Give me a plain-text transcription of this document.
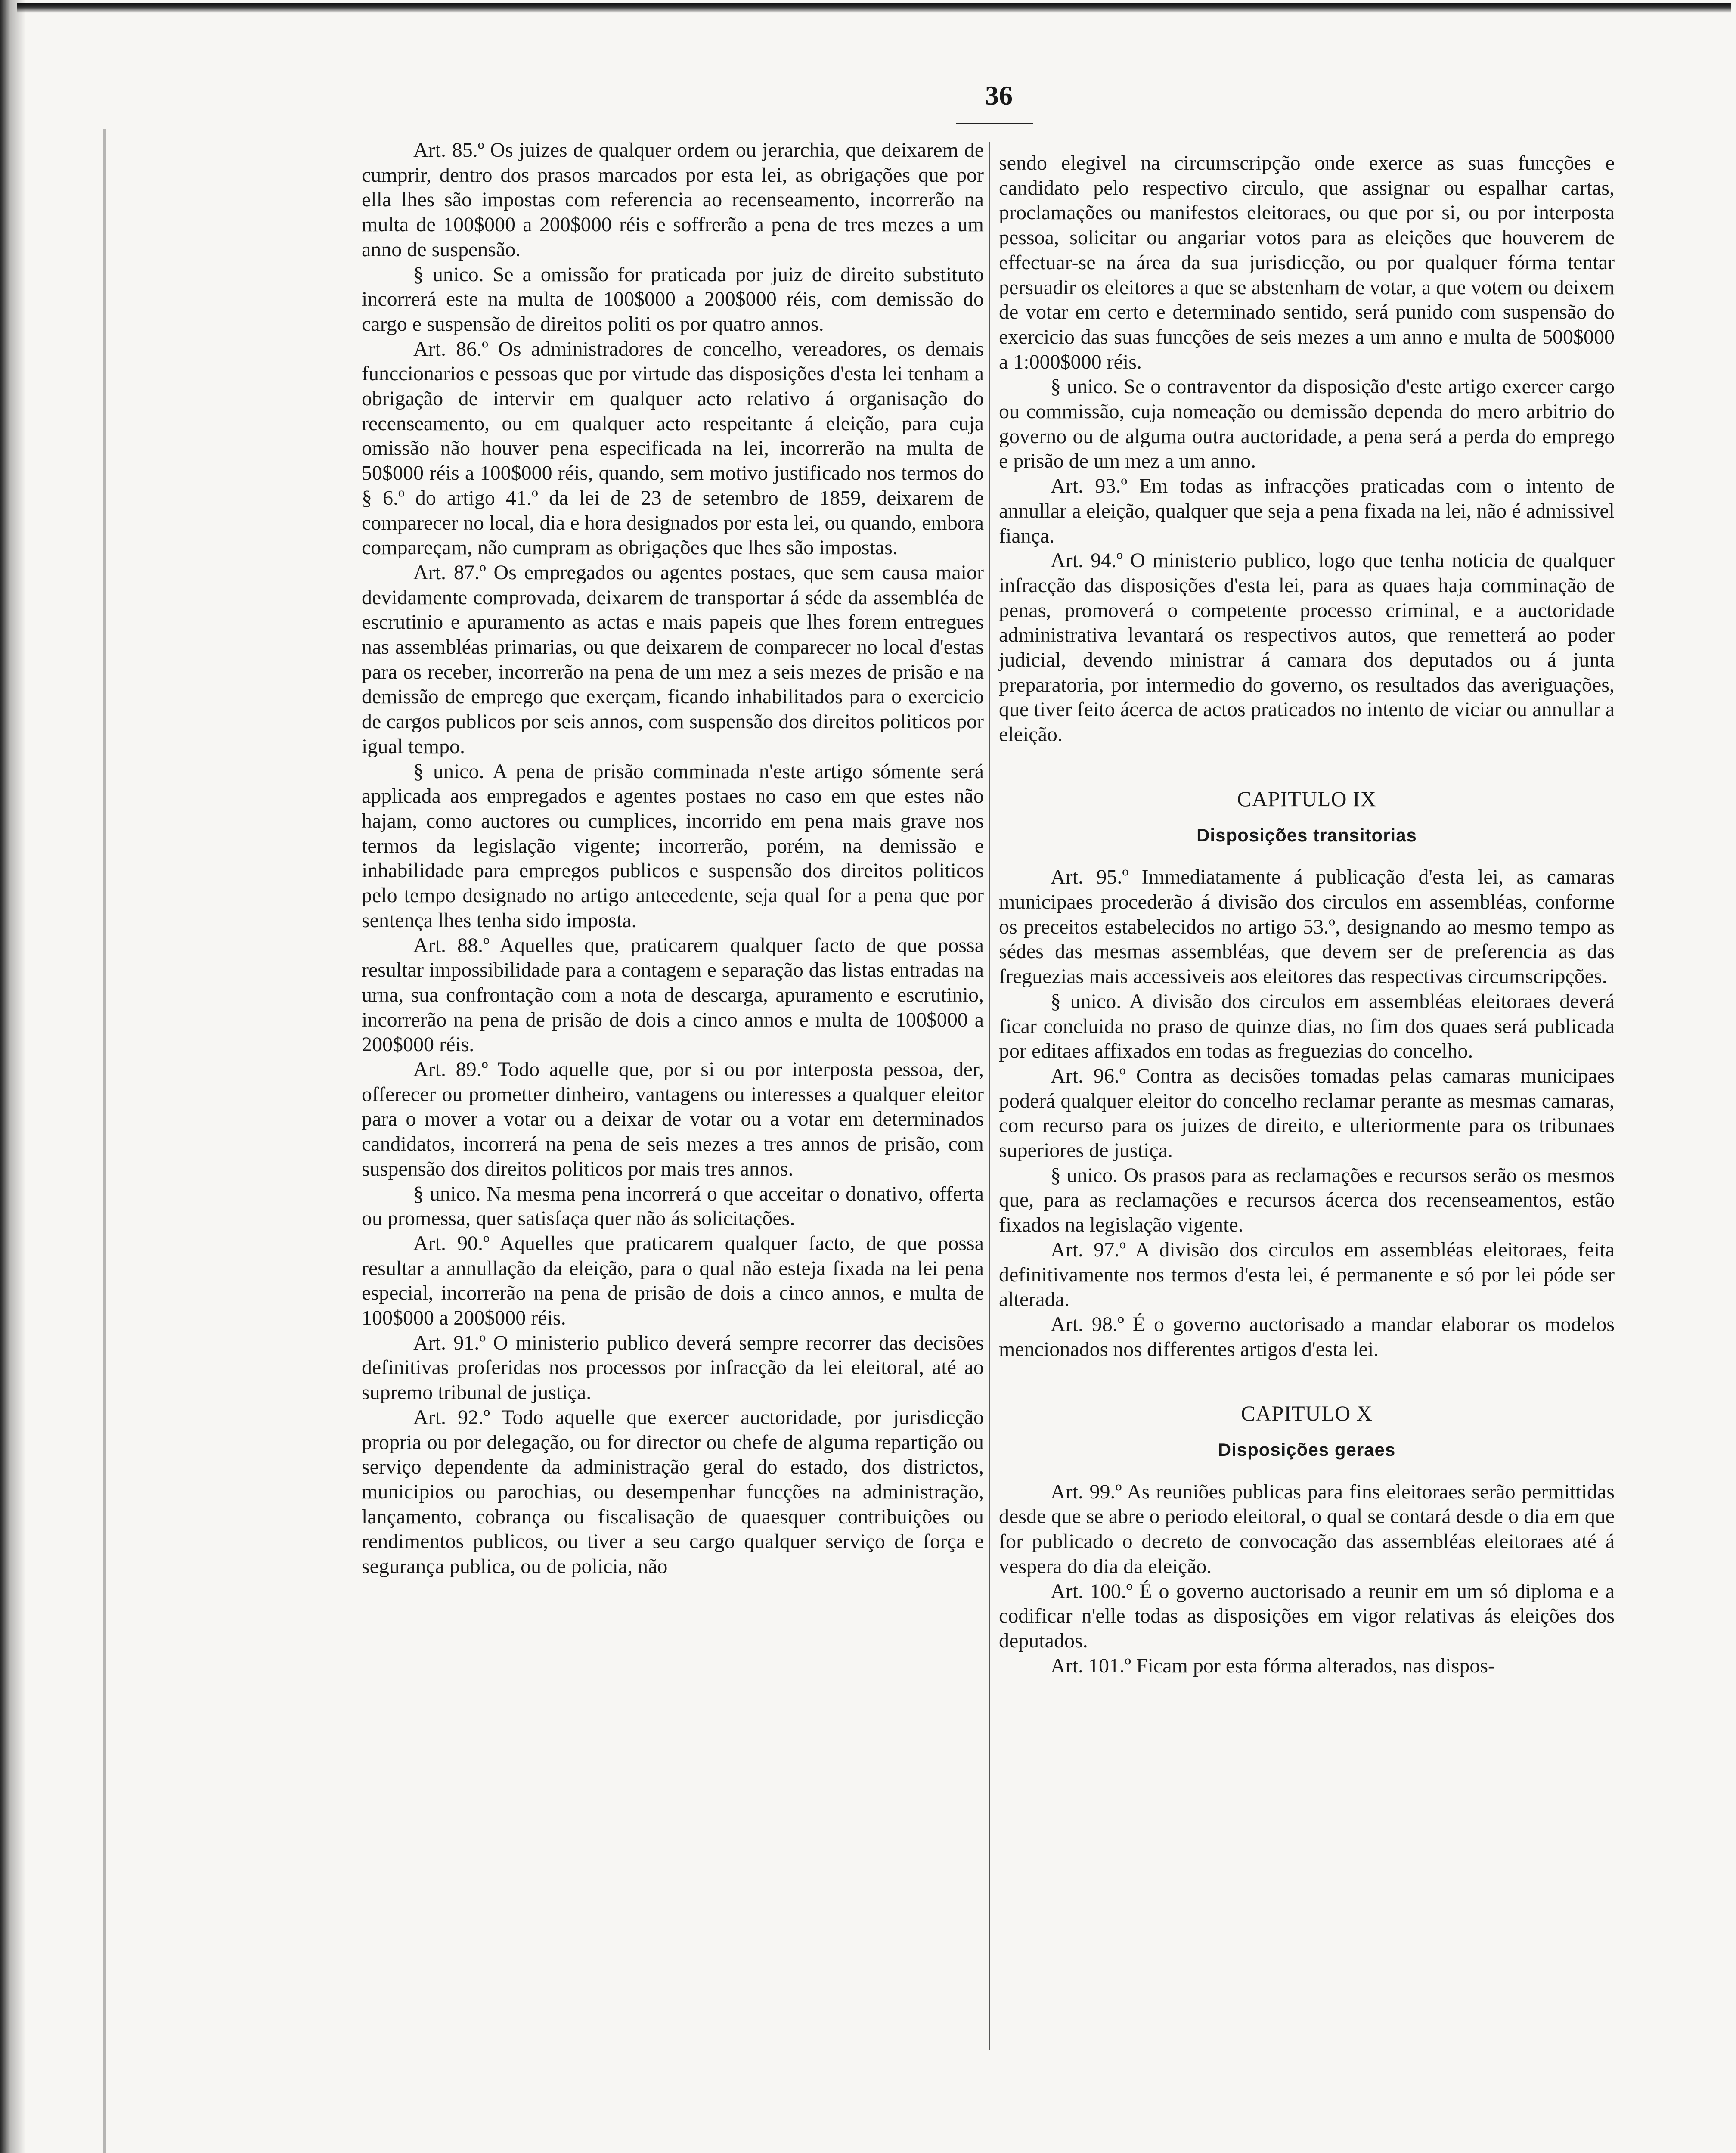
36

Art. 85.º Os juizes de qualquer ordem ou jerarchia, que deixarem de cumprir, dentro dos prasos marcados por esta lei, as obrigações que por ella lhes são impostas com referencia ao recenseamento, incorrerão na multa de 100$000 a 200$000 réis e soffrerão a pena de tres mezes a um anno de suspensão.

§ unico. Se a omissão for praticada por juiz de direito substituto incorrerá este na multa de 100$000 a 200$000 réis, com demissão do cargo e suspensão de direitos politi os por quatro annos.

Art. 86.º Os administradores de concelho, vereadores, os demais funccionarios e pessoas que por virtude das disposições d'esta lei tenham a obrigação de intervir em qualquer acto relativo á organisação do recenseamento, ou em qualquer acto respeitante á eleição, para cuja omissão não houver pena especificada na lei, incorrerão na multa de 50$000 réis a 100$000 réis, quando, sem motivo justificado nos termos do § 6.º do artigo 41.º da lei de 23 de setembro de 1859, deixarem de comparecer no local, dia e hora designados por esta lei, ou quando, embora compareçam, não cumpram as obrigações que lhes são impostas.

Art. 87.º Os empregados ou agentes postaes, que sem causa maior devidamente comprovada, deixarem de transportar á séde da assembléa de escrutinio e apuramento as actas e mais papeis que lhes forem entregues nas assembléas primarias, ou que deixarem de comparecer no local d'estas para os receber, incorrerão na pena de um mez a seis mezes de prisão e na demissão de emprego que exerçam, ficando inhabilitados para o exercicio de cargos publicos por seis annos, com suspensão dos direitos politicos por igual tempo.

§ unico. A pena de prisão comminada n'este artigo sómente será applicada aos empregados e agentes postaes no caso em que estes não hajam, como auctores ou cumplices, incorrido em pena mais grave nos termos da legislação vigente; incorrerão, porém, na demissão e inhabilidade para empregos publicos e suspensão dos direitos politicos pelo tempo designado no artigo antecedente, seja qual for a pena que por sentença lhes tenha sido imposta.

Art. 88.º Aquelles que, praticarem qualquer facto de que possa resultar impossibilidade para a contagem e separação das listas entradas na urna, sua confrontação com a nota de descarga, apuramento e escrutinio, incorrerão na pena de prisão de dois a cinco annos e multa de 100$000 a 200$000 réis.

Art. 89.º Todo aquelle que, por si ou por interposta pessoa, der, offerecer ou prometter dinheiro, vantagens ou interesses a qualquer eleitor para o mover a votar ou a deixar de votar ou a votar em determinados candidatos, incorrerá na pena de seis mezes a tres annos de prisão, com suspensão dos direitos politicos por mais tres annos.

§ unico. Na mesma pena incorrerá o que acceitar o donativo, offerta ou promessa, quer satisfaça quer não ás solicitações.

Art. 90.º Aquelles que praticarem qualquer facto, de que possa resultar a annullação da eleição, para o qual não esteja fixada na lei pena especial, incorrerão na pena de prisão de dois a cinco annos, e multa de 100$000 a 200$000 réis.

Art. 91.º O ministerio publico deverá sempre recorrer das decisões definitivas proferidas nos processos por infracção da lei eleitoral, até ao supremo tribunal de justiça.

Art. 92.º Todo aquelle que exercer auctoridade, por jurisdicção propria ou por delegação, ou for director ou chefe de alguma repartição ou serviço dependente da administração geral do estado, dos districtos, municipios ou parochias, ou desempenhar funcções na administração, lançamento, cobrança ou fiscalisação de quaesquer contribuições ou rendimentos publicos, ou tiver a seu cargo qualquer serviço de força e segurança publica, ou de policia, não

sendo elegivel na circumscripção onde exerce as suas funcções e candidato pelo respectivo circulo, que assignar ou espalhar cartas, proclamações ou manifestos eleitoraes, ou que por si, ou por interposta pessoa, solicitar ou angariar votos para as eleições que houverem de effectuar-se na área da sua jurisdicção, ou por qualquer fórma tentar persuadir os eleitores a que se abstenham de votar, a que votem ou deixem de votar em certo e determinado sentido, será punido com suspensão do exercicio das suas funcções de seis mezes a um anno e multa de 500$000 a 1:000$000 réis.

§ unico. Se o contraventor da disposição d'este artigo exercer cargo ou commissão, cuja nomeação ou demissão dependa do mero arbitrio do governo ou de alguma outra auctoridade, a pena será a perda do emprego e prisão de um mez a um anno.

Art. 93.º Em todas as infracções praticadas com o intento de annullar a eleição, qualquer que seja a pena fixada na lei, não é admissivel fiança.

Art. 94.º O ministerio publico, logo que tenha noticia de qualquer infracção das disposições d'esta lei, para as quaes haja comminação de penas, promoverá o competente processo criminal, e a auctoridade administrativa levantará os respectivos autos, que remetterá ao poder judicial, devendo ministrar á camara dos deputados ou á junta preparatoria, por intermedio do governo, os resultados das averiguações, que tiver feito ácerca de actos praticados no intento de viciar ou annullar a eleição.

CAPITULO IX

Disposições transitorias

Art. 95.º Immediatamente á publicação d'esta lei, as camaras municipaes procederão á divisão dos circulos em assembléas, conforme os preceitos estabelecidos no artigo 53.º, designando ao mesmo tempo as sédes das mesmas assembléas, que devem ser de preferencia as das freguezias mais accessiveis aos eleitores das respectivas circumscripções.

§ unico. A divisão dos circulos em assembléas eleitoraes deverá ficar concluida no praso de quinze dias, no fim dos quaes será publicada por editaes affixados em todas as freguezias do concelho.

Art. 96.º Contra as decisões tomadas pelas camaras municipaes poderá qualquer eleitor do concelho reclamar perante as mesmas camaras, com recurso para os juizes de direito, e ulteriormente para os tribunaes superiores de justiça.

§ unico. Os prasos para as reclamações e recursos serão os mesmos que, para as reclamações e recursos ácerca dos recenseamentos, estão fixados na legislação vigente.

Art. 97.º A divisão dos circulos em assembléas eleitoraes, feita definitivamente nos termos d'esta lei, é permanente e só por lei póde ser alterada.

Art. 98.º É o governo auctorisado a mandar elaborar os modelos mencionados nos differentes artigos d'esta lei.

CAPITULO X

Disposições geraes

Art. 99.º As reuniões publicas para fins eleitoraes serão permittidas desde que se abre o periodo eleitoral, o qual se contará desde o dia em que for publicado o decreto de convocação das assembléas eleitoraes até á vespera do dia da eleição.

Art. 100.º É o governo auctorisado a reunir em um só diploma e a codificar n'elle todas as disposições em vigor relativas ás eleições dos deputados.

Art. 101.º Ficam por esta fórma alterados, nas dispos-
